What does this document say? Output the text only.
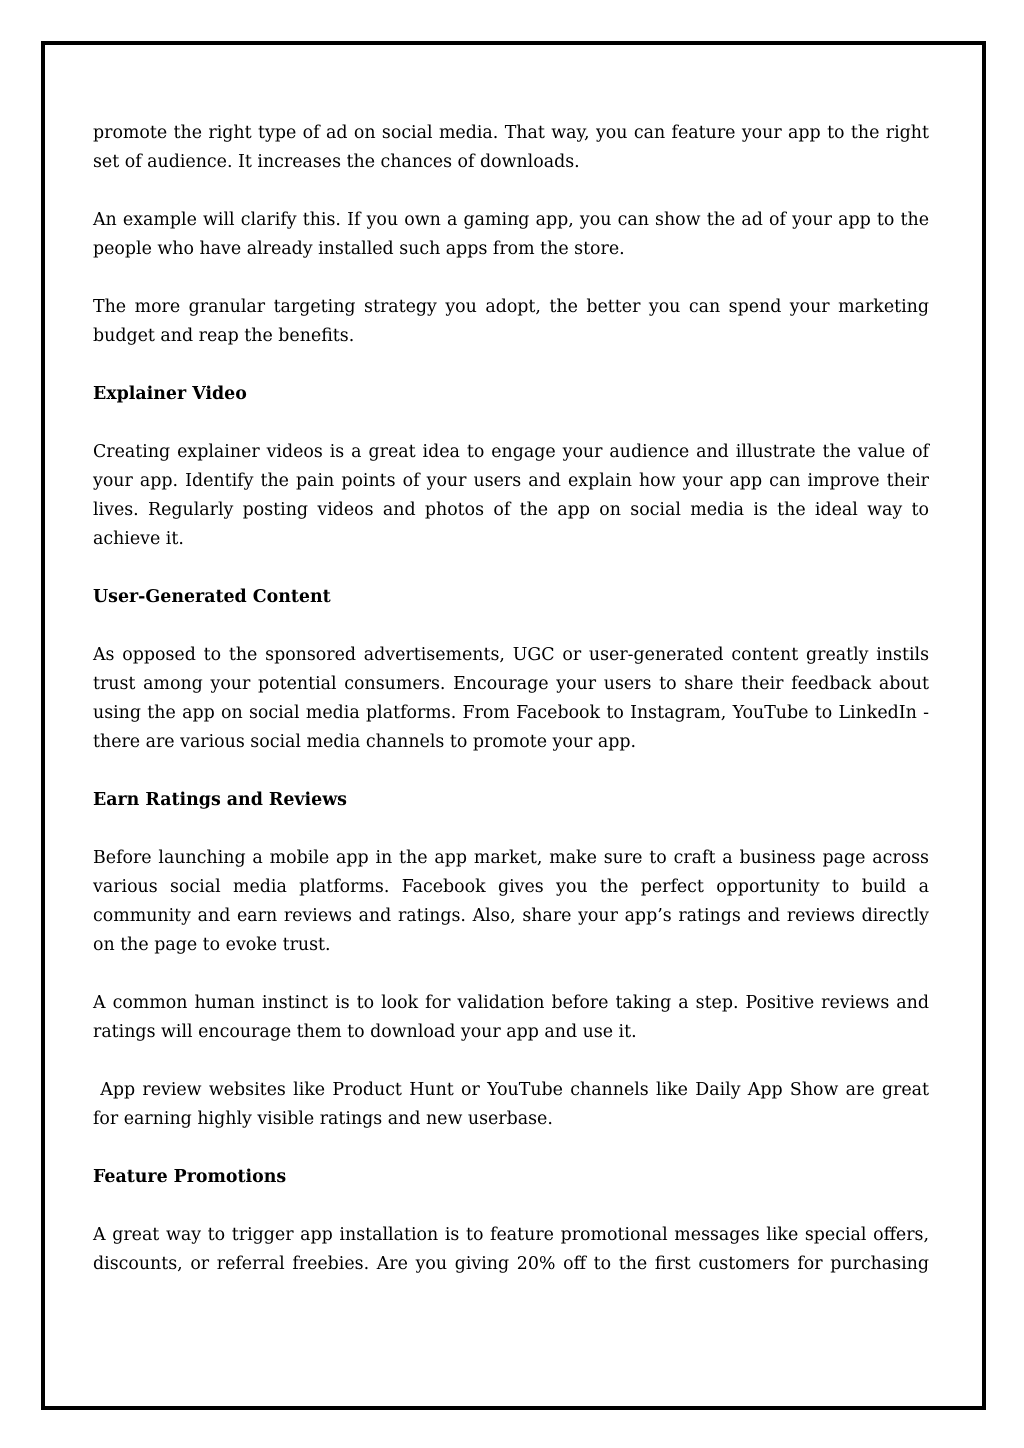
promote the right type of ad on social media. That way, you can feature your app to the right set of audience. It increases the chances of downloads.

An example will clarify this. If you own a gaming app, you can show the ad of your app to the people who have already installed such apps from the store.

The more granular targeting strategy you adopt, the better you can spend your marketing budget and reap the benefits.

Explainer Video

Creating explainer videos is a great idea to engage your audience and illustrate the value of your app. Identify the pain points of your users and explain how your app can improve their lives. Regularly posting videos and photos of the app on social media is the ideal way to achieve it.

User-Generated Content

As opposed to the sponsored advertisements, UGC or user-generated content greatly instils trust among your potential consumers. Encourage your users to share their feedback about using the app on social media platforms. From Facebook to Instagram, YouTube to LinkedIn - there are various social media channels to promote your app.

Earn Ratings and Reviews

Before launching a mobile app in the app market, make sure to craft a business page across various social media platforms. Facebook gives you the perfect opportunity to build a community and earn reviews and ratings. Also, share your app’s ratings and reviews directly on the page to evoke trust.

A common human instinct is to look for validation before taking a step. Positive reviews and ratings will encourage them to download your app and use it.

App review websites like Product Hunt or YouTube channels like Daily App Show are great for earning highly visible ratings and new userbase.

Feature Promotions

A great way to trigger app installation is to feature promotional messages like special offers, discounts, or referral freebies. Are you giving 20% off to the first customers for purchasing
